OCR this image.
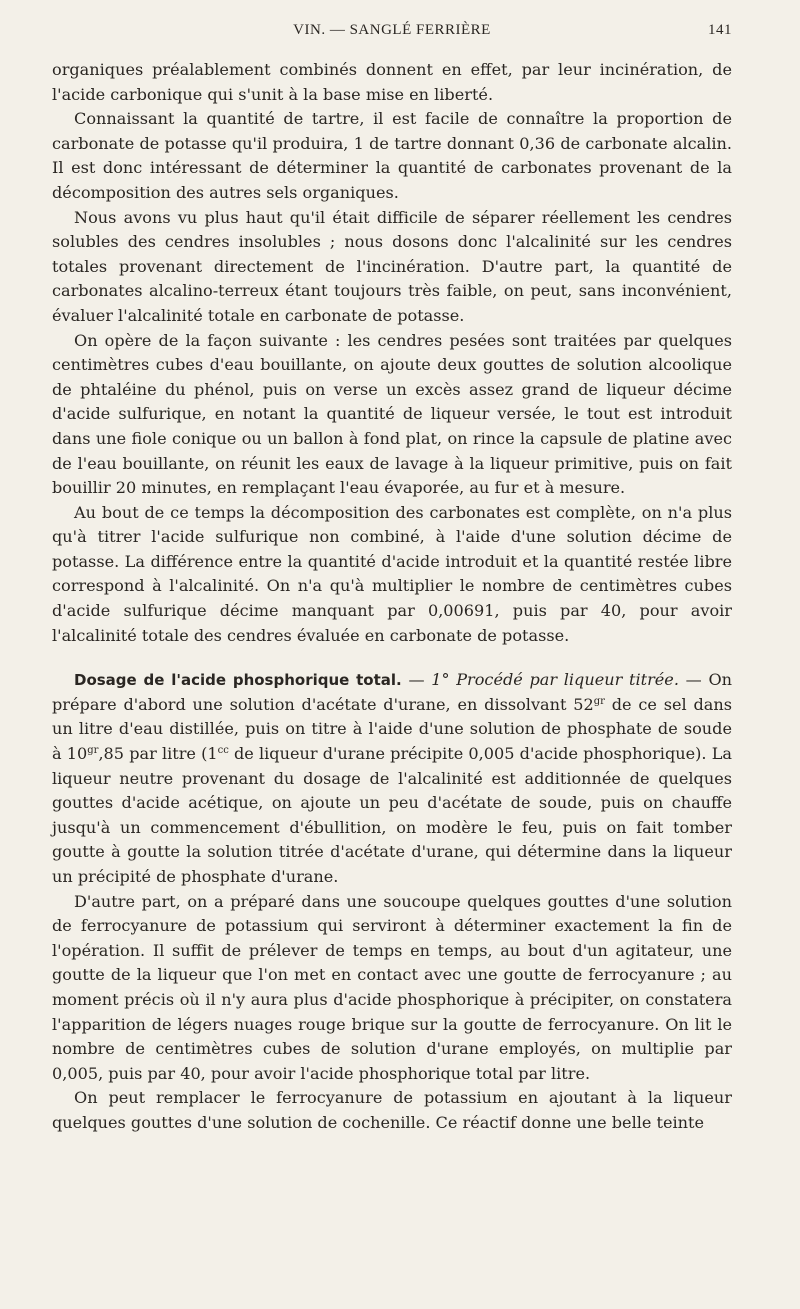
VIN. — SANGLÉ FERRIÈRE	141

organiques préalablement combinés donnent en effet, par leur incinération, de l'acide carbonique qui s'unit à la base mise en liberté.

Connaissant la quantité de tartre, il est facile de connaître la proportion de carbonate de potasse qu'il produira, 1 de tartre donnant 0,36 de carbonate alcalin. Il est donc intéressant de déterminer la quantité de carbonates provenant de la décomposition des autres sels organiques.

Nous avons vu plus haut qu'il était difficile de séparer réellement les cendres solubles des cendres insolubles ; nous dosons donc l'alcalinité sur les cendres totales provenant directement de l'incinération. D'autre part, la quantité de carbonates alcalino-terreux étant toujours très faible, on peut, sans inconvénient, évaluer l'alcalinité totale en carbonate de potasse.

On opère de la façon suivante : les cendres pesées sont traitées par quelques centimètres cubes d'eau bouillante, on ajoute deux gouttes de solution alcoolique de phtaléine du phénol, puis on verse un excès assez grand de liqueur décime d'acide sulfurique, en notant la quantité de liqueur versée, le tout est introduit dans une fiole conique ou un ballon à fond plat, on rince la capsule de platine avec de l'eau bouillante, on réunit les eaux de lavage à la liqueur primitive, puis on fait bouillir 20 minutes, en remplaçant l'eau évaporée, au fur et à mesure.

Au bout de ce temps la décomposition des carbonates est complète, on n'a plus qu'à titrer l'acide sulfurique non combiné, à l'aide d'une solution décime de potasse. La différence entre la quantité d'acide introduit et la quantité restée libre correspond à l'alcalinité. On n'a qu'à multiplier le nombre de centimètres cubes d'acide sulfurique décime manquant par 0,00691, puis par 40, pour avoir l'alcalinité totale des cendres évaluée en carbonate de potasse.

Dosage de l'acide phosphorique total. — 1° Procédé par liqueur titrée. — On prépare d'abord une solution d'acétate d'urane, en dissolvant $52^{gr}$ de ce sel dans un litre d'eau distillée, puis on titre à l'aide d'une solution de phosphate de soude à $10^{gr},85$ par litre ($1^{cc}$ de liqueur d'urane précipite 0,005 d'acide phosphorique). La liqueur neutre provenant du dosage de l'alcalinité est additionnée de quelques gouttes d'acide acétique, on ajoute un peu d'acétate de soude, puis on chauffe jusqu'à un commencement d'ébullition, on modère le feu, puis on fait tomber goutte à goutte la solution titrée d'acétate d'urane, qui détermine dans la liqueur un précipité de phosphate d'urane.

D'autre part, on a préparé dans une soucoupe quelques gouttes d'une solution de ferrocyanure de potassium qui serviront à déterminer exactement la fin de l'opération. Il suffit de prélever de temps en temps, au bout d'un agitateur, une goutte de la liqueur que l'on met en contact avec une goutte de ferrocyanure ; au moment précis où il n'y aura plus d'acide phosphorique à précipiter, on constatera l'apparition de légers nuages rouge brique sur la goutte de ferrocyanure. On lit le nombre de centimètres cubes de solution d'urane employés, on multiplie par 0,005, puis par 40, pour avoir l'acide phosphorique total par litre.

On peut remplacer le ferrocyanure de potassium en ajoutant à la liqueur quelques gouttes d'une solution de cochenille. Ce réactif donne une belle teinte
